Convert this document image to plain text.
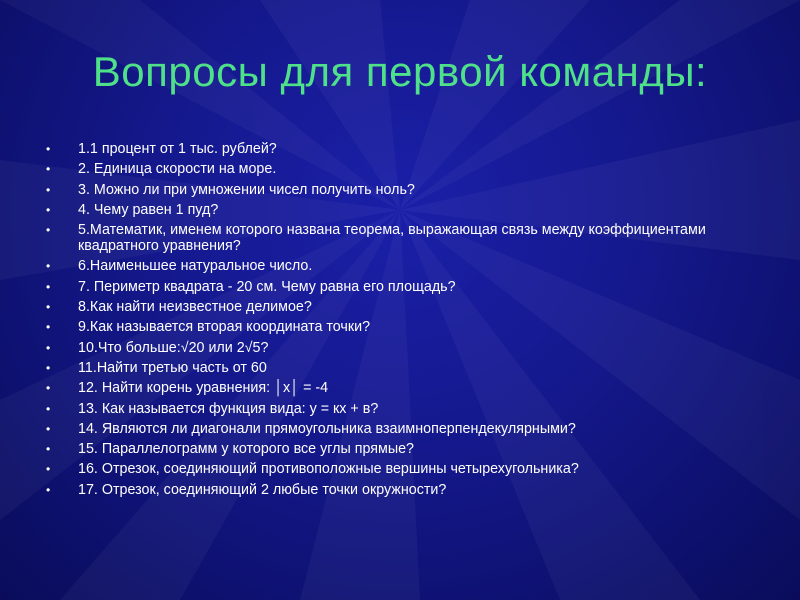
Вопросы для первой команды:
• 1.1 процент от 1 тыс. рублей?
• 2. Единица скорости на море.
• 3. Можно ли при умножении чисел получить ноль?
• 4. Чему равен 1 пуд?
• 5.Математик, именем которого названа теорема, выражающая связь между коэффициентами квадратного уравнения?
• 6.Наименьшее натуральное число.
• 7. Периметр квадрата - 20 см. Чему равна его площадь?
• 8.Как найти неизвестное делимое?
• 9.Как называется вторая координата точки?
• 10.Что больше:√20 или 2√5?
• 11.Найти третью часть от 60
• 12. Найти корень уравнения: │х│ = -4
• 13. Как называется функция вида: у = кх + в?
• 14. Являются ли диагонали прямоугольника взаимноперпендекулярными?
• 15. Параллелограмм у которого все углы прямые?
• 16. Отрезок, соединяющий противоположные вершины четырехугольника?
• 17. Отрезок, соединяющий 2 любые точки окружности?
